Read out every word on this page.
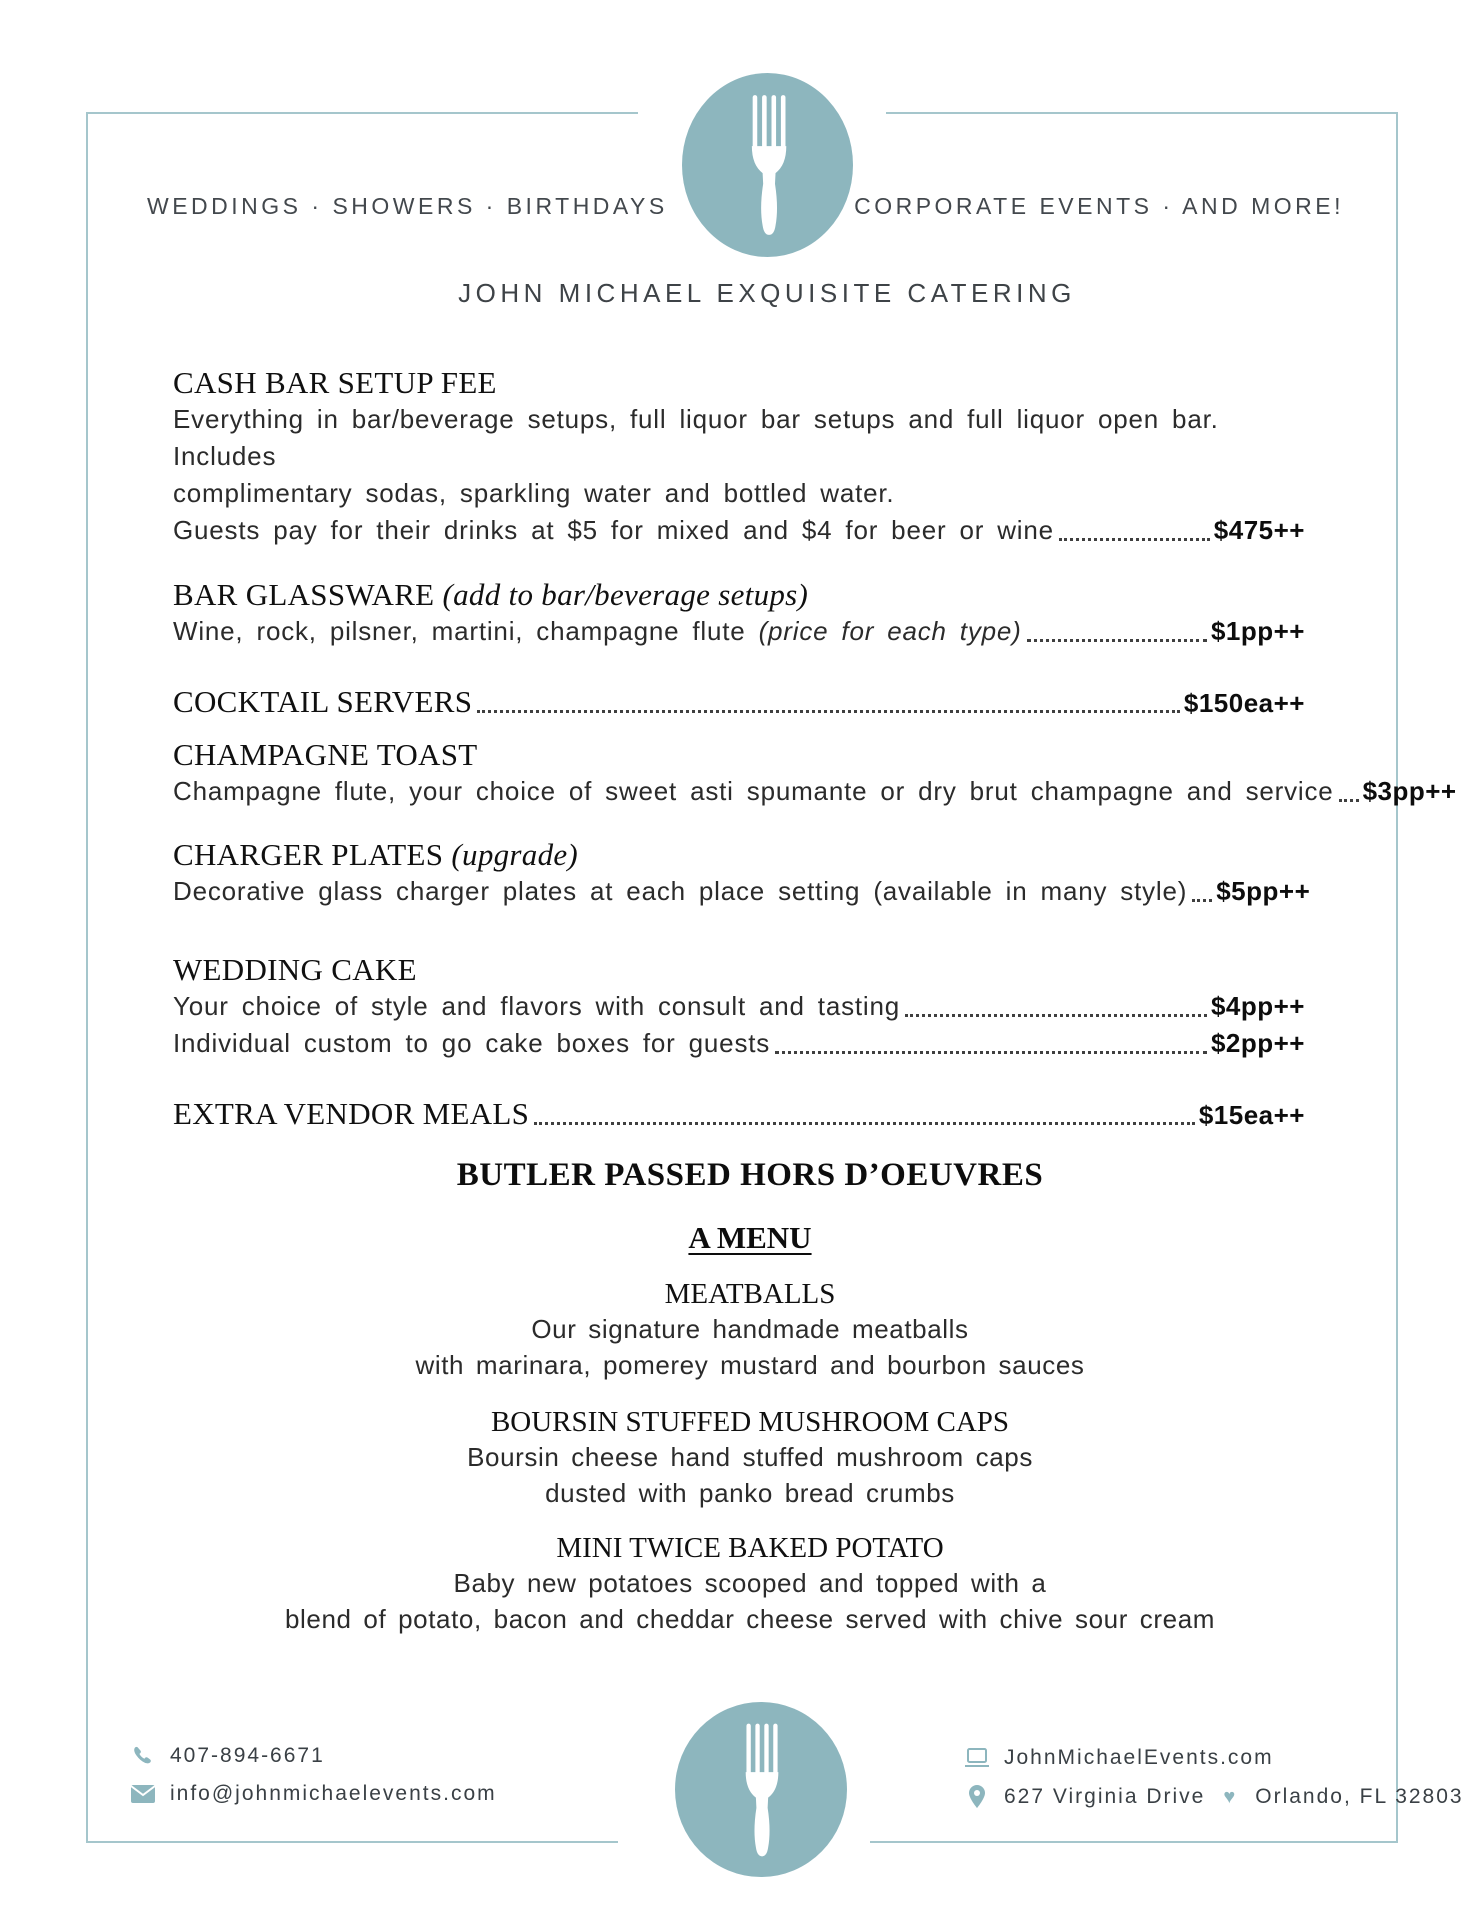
WEDDINGS · SHOWERS · BIRTHDAYS	CORPORATE EVENTS · AND MORE!
JOHN MICHAEL EXQUISITE CATERING
CASH BAR SETUP FEE
Everything in bar/beverage setups, full liquor bar setups and full liquor open bar. Includes
complimentary sodas, sparkling water and bottled water.
Guests pay for their drinks at $5 for mixed and $4 for beer or wine	$475++
BAR GLASSWARE (add to bar/beverage setups)
Wine, rock, pilsner, martini, champagne flute (price for each type)	$1pp++
COCKTAIL SERVERS	$150ea++
CHAMPAGNE TOAST
Champagne flute, your choice of sweet asti spumante or dry brut champagne and service $3pp++
CHARGER PLATES (upgrade)
Decorative glass charger plates at each place setting (available in many style) $5pp++
WEDDING CAKE
Your choice of style and flavors with consult and tasting	$4pp++
Individual custom to go cake boxes for guests	$2pp++
EXTRA VENDOR MEALS	$15ea++
BUTLER PASSED HORS D’OEUVRES
A MENU
MEATBALLS
Our signature handmade meatballs
with marinara, pomerey mustard and bourbon sauces
BOURSIN STUFFED MUSHROOM CAPS
Boursin cheese hand stuffed mushroom caps
dusted with panko bread crumbs
MINI TWICE BAKED POTATO
Baby new potatoes scooped and topped with a
blend of potato, bacon and cheddar cheese served with chive sour cream
407-894-6671
info@johnmichaelevents.com
JohnMichaelEvents.com
627 Virginia Drive ♥ Orlando, FL 32803
